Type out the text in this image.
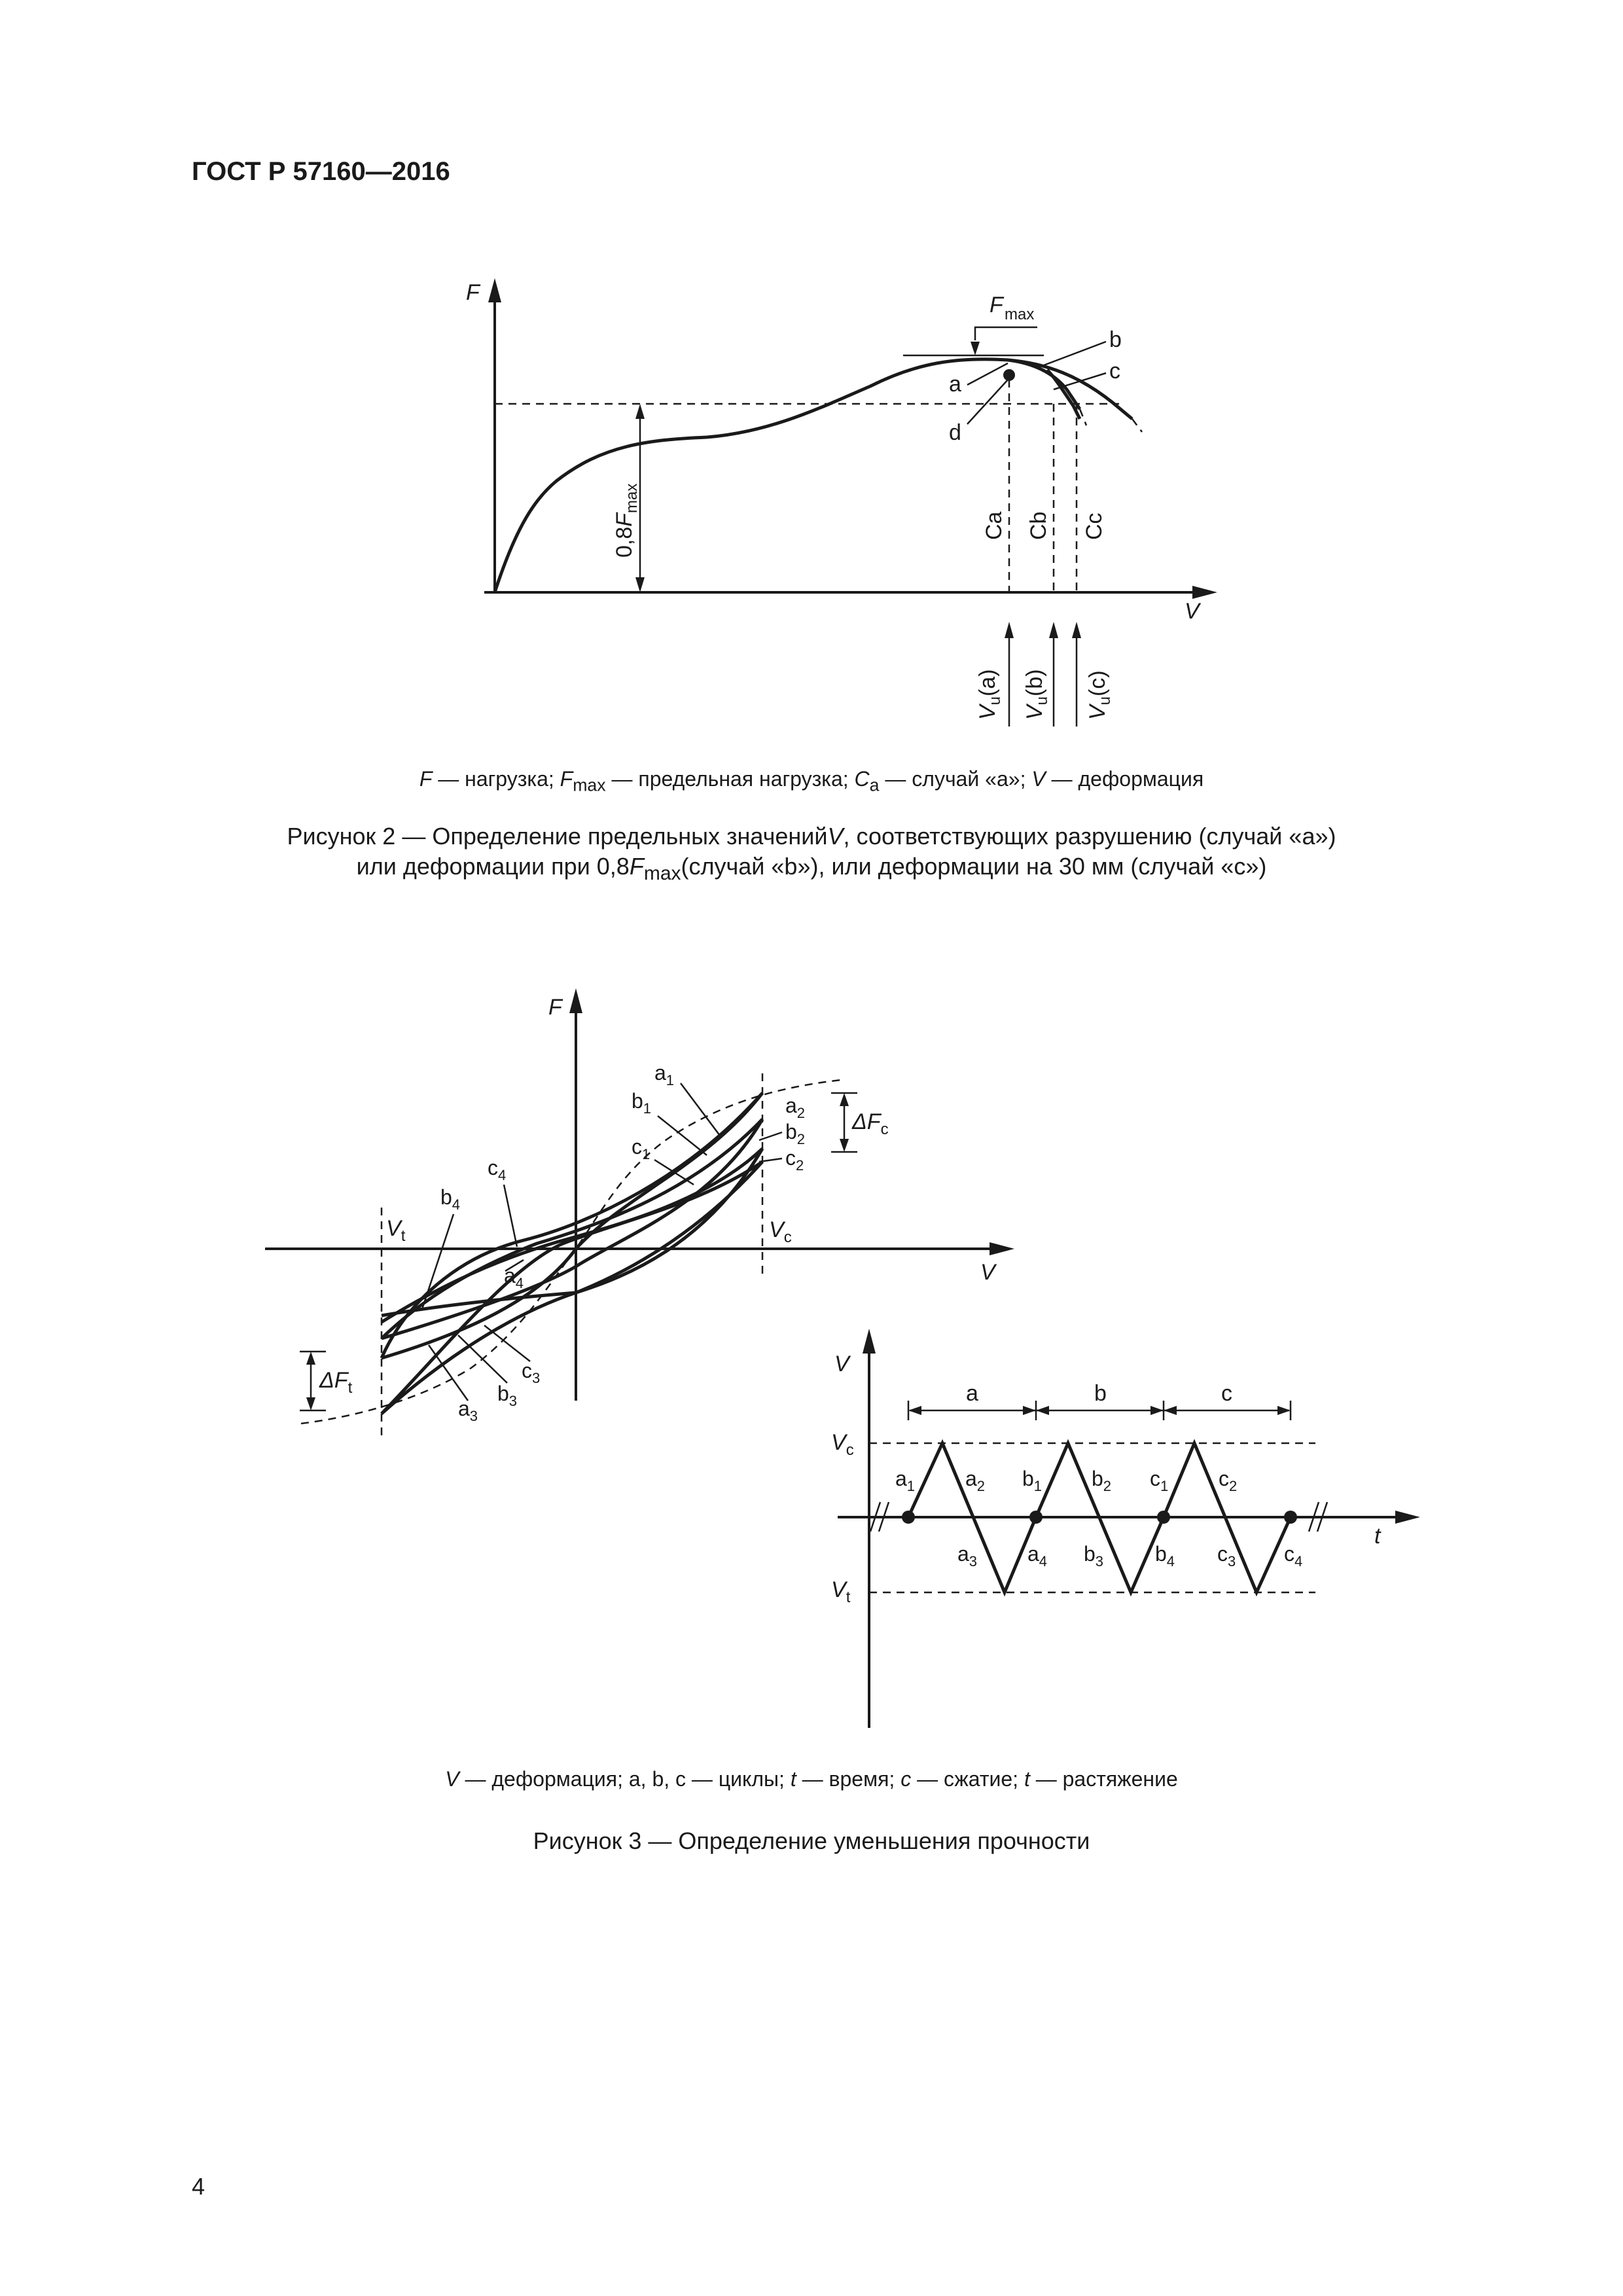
ГОСТ Р 57160—2016
F
V
F max
$0,8F_{max}$
a
d
b
c
Ca Cb Cc
$V_u(a)$
$V_u(b)$
$V_u(c)$
F — нагрузка; $F_{max}$ — предельная нагрузка; $C_a$ — случай «а»; V — деформация
Рисунок 2 — Определение предельных значенийV, соответствующих разрушению (случай «а»)
или деформации при $0,8F_{max}(случай$ «b»), или деформации на 30 мм (случай «с»)
F
V
$V_t$	$V_c$
$\Delta F_c$
$\Delta F_t$
$a_1$
$b_1$
$c_1$
$a_2$
$b_2$
$c_2$
$c_4$
$b_4$
$a_4$
$c_3$
$b_3$
$a_3$
V
t
$V_c$
$V_t$
a	b	c
$a_1$ $a_2$ $b_1$ $b_2$ $c_1$ $c_2$
$a_3$ $a_4$ $b_3$ $b_4$ $c_3$ $c_4$
V — деформация; a, b, c — циклы; t — время; c — сжатие; t — растяжение
Рисунок 3 — Определение уменьшения прочности
4
